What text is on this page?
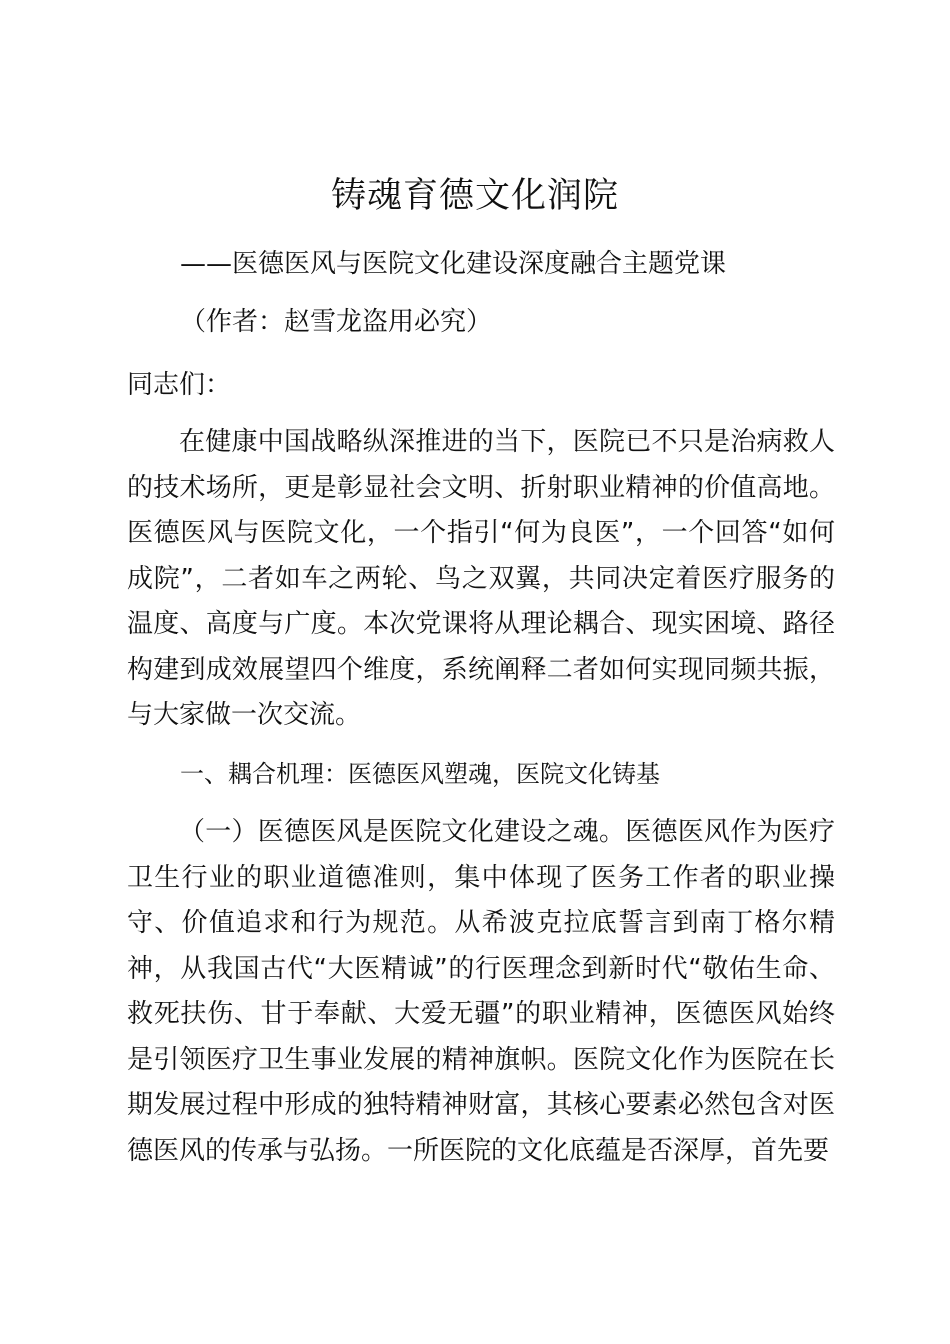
铸魂育德文化润院

——医德医风与医院文化建设深度融合主题党课

（作者：赵雪龙盗用必究）

同志们：

在健康中国战略纵深推进的当下，医院已不只是治病救人的技术场所，更是彰显社会文明、折射职业精神的价值高地。医德医风与医院文化，一个指引“何为良医”，一个回答“如何成院”，二者如车之两轮、鸟之双翼，共同决定着医疗服务的温度、高度与广度。本次党课将从理论耦合、现实困境、路径构建到成效展望四个维度，系统阐释二者如何实现同频共振，与大家做一次交流。

一、耦合机理：医德医风塑魂，医院文化铸基

（一）医德医风是医院文化建设之魂。医德医风作为医疗卫生行业的职业道德准则，集中体现了医务工作者的职业操守、价值追求和行为规范。从希波克拉底誓言到南丁格尔精神，从我国古代“大医精诚”的行医理念到新时代“敬佑生命、救死扶伤、甘于奉献、大爱无疆”的职业精神，医德医风始终是引领医疗卫生事业发展的精神旗帜。医院文化作为医院在长期发展过程中形成的独特精神财富，其核心要素必然包含对医德医风的传承与弘扬。一所医院的文化底蕴是否深厚，首先要
